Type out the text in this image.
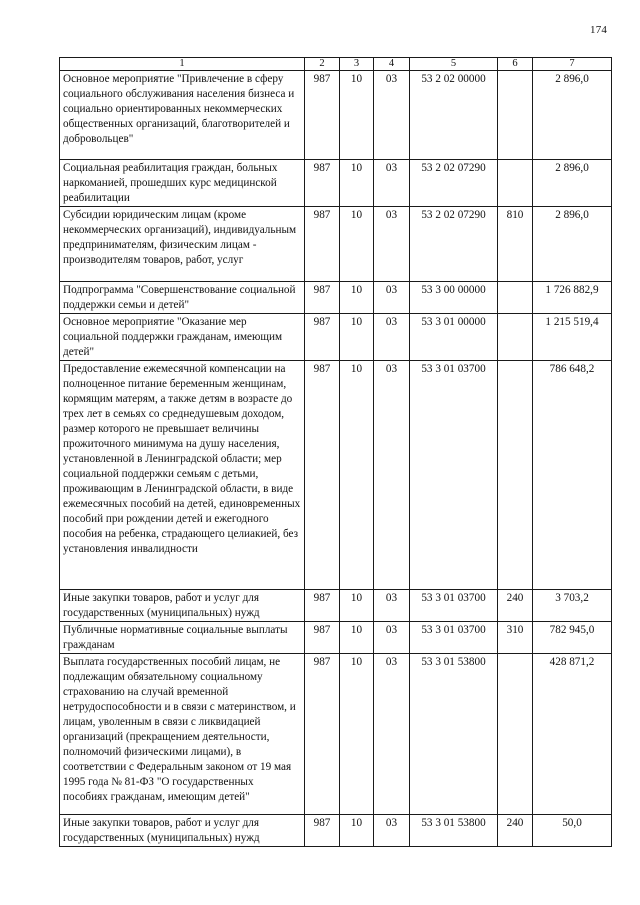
174
1	2	3	4	5	6	7
Основное мероприятие "Привлечение в сферу социального обслуживания населения бизнеса и социально ориентированных некоммерческих общественных организаций, благотворителей и добровольцев"	987	10	03	53 2 02 00000		2 896,0
Социальная реабилитация граждан, больных наркоманией, прошедших курс медицинской реабилитации	987	10	03	53 2 02 07290		2 896,0
Субсидии юридическим лицам (кроме некоммерческих организаций), индивидуальным предпринимателям, физическим лицам - производителям товаров, работ, услуг	987	10	03	53 2 02 07290	810	2 896,0
Подпрограмма "Совершенствование социальной поддержки семьи и детей"	987	10	03	53 3 00 00000		1 726 882,9
Основное мероприятие "Оказание мер социальной поддержки гражданам, имеющим детей"	987	10	03	53 3 01 00000		1 215 519,4
Предоставление ежемесячной компенсации на полноценное питание беременным женщинам, кормящим матерям, а также детям в возрасте до трех лет в семьях со среднедушевым доходом, размер которого не превышает величины прожиточного минимума на душу населения, установленной в Ленинградской области; мер социальной поддержки семьям с детьми, проживающим в Ленинградской области, в виде ежемесячных пособий на детей, единовременных пособий при рождении детей и ежегодного пособия на ребенка, страдающего целиакией, без установления инвалидности	987	10	03	53 3 01 03700		786 648,2
Иные закупки товаров, работ и услуг для государственных (муниципальных) нужд	987	10	03	53 3 01 03700	240	3 703,2
Публичные нормативные социальные выплаты гражданам	987	10	03	53 3 01 03700	310	782 945,0
Выплата государственных пособий лицам, не подлежащим обязательному социальному страхованию на случай временной нетрудоспособности и в связи с материнством, и лицам, уволенным в связи с ликвидацией организаций (прекращением деятельности, полномочий физическими лицами), в соответствии с Федеральным законом от 19 мая 1995 года № 81-ФЗ "О государственных пособиях гражданам, имеющим детей"	987	10	03	53 3 01 53800		428 871,2
Иные закупки товаров, работ и услуг для государственных (муниципальных) нужд	987	10	03	53 3 01 53800	240	50,0
